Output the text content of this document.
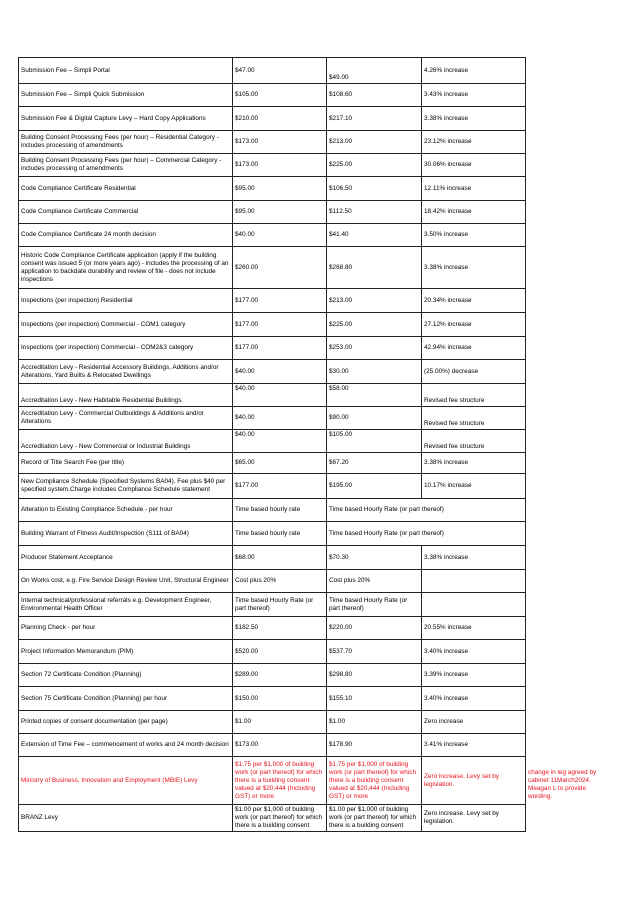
Submission Fee – Simpli Portal	$47.00	$49.00	4.26% increase
Submission Fee – Simpli Quick Submission	$105.00	$108.60	3.43% increase
Submission Fee & Digital Capture Levy – Hard Copy Applications	$210.00	$217.10	3.38% increase
Building Consent Processing Fees (per hour) – Residential Category - includes processing of amendments	$173.00	$213.00	23.12% increase
Building Consent Processing Fees (per hour) – Commercial Category - includes processing of amendments	$173.00	$225.00	30.06% increase
Code Compliance Certificate Residential	$95.00	$106.50	12.11% increase
Code Compliance Certificate Commercial	$95.00	$112.50	18.42% increase
Code Compliance Certificate 24 month decision	$40.00	$41.40	3.50% increase
Historic Code Compliance Certificate application (apply if the building consent was issued 5 (or more years ago) - includes the processing of an application to backdate durability and review of file - does not include inspections	$260.00	$268.80	3.38% increase
Inspections (per inspection) Residential	$177.00	$213.00	20.34% increase
Inspections (per inspection) Commercial - COM1 category	$177.00	$225.00	27.12% increase
Inspections (per inspection) Commercial - COM2&3 category	$177.00	$253.00	42.94% increase
Accreditation Levy - Residential Accessory Buildings, Additions and/or Alterations, Yard Builts & Relocated Dwellings	$40.00	$30.00	(25.00%) decrease
Accreditation Levy - New Habitable Residential Buildings	$40.00	$58.00	Revised fee structure
Accreditation Levy - Commercial Outbuildings & Additions and/or Alterations	$40.00	$90.00	Revised fee structure
Accreditation Levy - New Commercial or Industrial Buildings	$40.00	$105.00	Revised fee structure
Record of Title Search Fee (per title)	$65.00	$67.20	3.38% increase
New Compliance Schedule (Specified Systems BA04). Fee plus $40 per specified system.Charge includes Compliance Schedule statement	$177.00	$195.00	10.17% increase
Alteration to Existing Compliance Schedule - per hour	Time based hourly rate	Time based Hourly Rate (or part thereof)	
Building Warrant of Fitness Audit/Inspection (S111 of BA04)	Time based hourly rate	Time based Hourly Rate (or part thereof)	
Producer Statement Acceptance	$68.00	$70.30	3.38% increase
On Works cost, e.g. Fire Service Design Review Unit, Structural Engineer	Cost plus 20%	Cost plus 20%	
Internal technical/professional referrals e.g. Development Engineer, Environmental Health Officer	Time based Hourly Rate (or part thereof)	Time based Hourly Rate (or part thereof)	
Planning Check - per hour	$182.50	$220.00	20.55% increase
Project Information Memorandum (PIM)	$520.00	$537.70	3.40% increase
Section 72 Certificate Condition (Planning)	$289.00	$298.80	3.39% increase
Section 75 Certificate Condition (Planning) per hour	$150.00	$155.10	3.40% increase
Printed copies of consent documentation (per page)	$1.00	$1.00	Zero increase
Extension of Time Fee – commencement of works and 24 month decision	$173.00	$178.90	3.41% increase
Ministry of Business, Innovation and Employment (MBIE) Levy	$1.75 per $1,000 of building work (or part thereof) for which there is a building consent valued at $20,444 (Including GST) or more	$1.75 per $1,000 of building work (or part thereof) for which there is a building consent valued at $20,444 (Including GST) or more	Zero increase. Levy set by legislation.
BRANZ Levy	$1.00 per $1,000 of building work (or part thereof) for which there is a building consent	$1.00 per $1,000 of building work (or part thereof) for which there is a building consent	Zero increase. Levy set by legislation.
change in leg agreed by cabinet 11March2024. Meagan L to provide wording.
